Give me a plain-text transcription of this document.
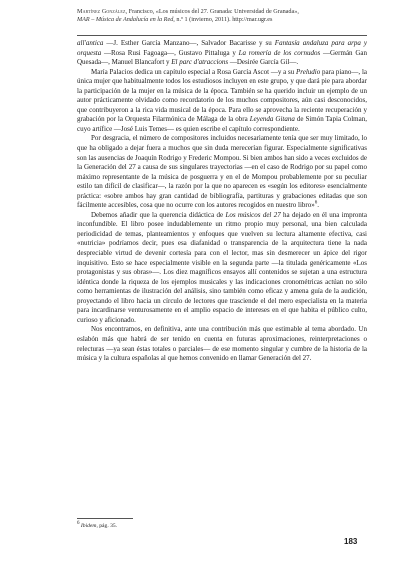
Martínez González, Francisco, «Los músicos del 27. Granada: Universidad de Granada»,
MAR – Música de Andalucía en la Red, n.º 1 (invierno, 2011). http://mar.ugr.es

all'antica —J. Esther García Manzano—, Salvador Bacarisse y su Fantasía andaluza para arpa y orquesta —Rosa Rusi Fagoaga—, Gustavo Pittaluga y La romería de los cornudos —Germán Gan Quesada—, Manuel Blancafort y El parc d'atraccions —Desirée García Gil—.

María Palacios dedica un capítulo especial a Rosa García Ascot —y a su Preludio para piano—, la única mujer que habitualmente todos los estudiosos incluyen en este grupo, y que dará pie para abordar la participación de la mujer en la música de la época. También se ha querido incluir un ejemplo de un autor prácticamente olvidado como recordatorio de los muchos compositores, aún casi desconocidos, que contribuyeron a la rica vida musical de la época. Para ello se aprovecha la reciente recuperación y grabación por la Orquesta Filarmónica de Málaga de la obra Leyenda Gitana de Simón Tapia Colman, cuyo artífice —José Luis Temes— es quien escribe el capítulo correspondiente.

Por desgracia, el número de compositores incluidos necesariamente tenía que ser muy limitado, lo que ha obligado a dejar fuera a muchos que sin duda merecerían figurar. Especialmente significativas son las ausencias de Joaquín Rodrigo y Frederic Mompou. Si bien ambos han sido a veces excluidos de la Generación del 27 a causa de sus singulares trayectorias —en el caso de Rodrigo por su papel como máximo representante de la música de posguerra y en el de Mompou probablemente por su peculiar estilo tan difícil de clasificar—, la razón por la que no aparecen es «según los editores» esencialmente práctica: «sobre ambos hay gran cantidad de bibliografía, partituras y grabaciones editadas que son fácilmente accesibles, cosa que no ocurre con los autores recogidos en nuestro libro»$^6$.

Debemos añadir que la querencia didáctica de Los músicos del 27 ha dejado en él una impronta inconfundible. El libro posee indudablemente un ritmo propio muy personal, una bien calculada periodicidad de temas, planteamientos y enfoques que vuelven su lectura altamente efectiva, casi «nutricia» podríamos decir, pues esa diafanidad o transparencia de la arquitectura tiene la nada despreciable virtud de devenir cortesía para con el lector, mas sin desmerecer un ápice del rigor inquisitivo. Esto se hace especialmente visible en la segunda parte —la titulada genéricamente «Los protagonistas y sus obras»—. Los diez magníficos ensayos allí contenidos se sujetan a una estructura idéntica donde la riqueza de los ejemplos musicales y las indicaciones cronométricas actúan no sólo como herramientas de ilustración del análisis, sino también como eficaz y amena guía de la audición, proyectando el libro hacia un círculo de lectores que trasciende el del mero especialista en la materia para incardinarse venturosamente en el amplio espacio de intereses en el que habita el público culto, curioso y aficionado.

Nos encontramos, en definitiva, ante una contribución más que estimable al tema abordado. Un eslabón más que habrá de ser tenido en cuenta en futuras aproximaciones, reinterpretaciones o relecturas —ya sean éstas totales o parciales— de ese momento singular y cumbre de la historia de la música y la cultura españolas al que hemos convenido en llamar Generación del 27.

6 Ibidem, pág. 35.
183
